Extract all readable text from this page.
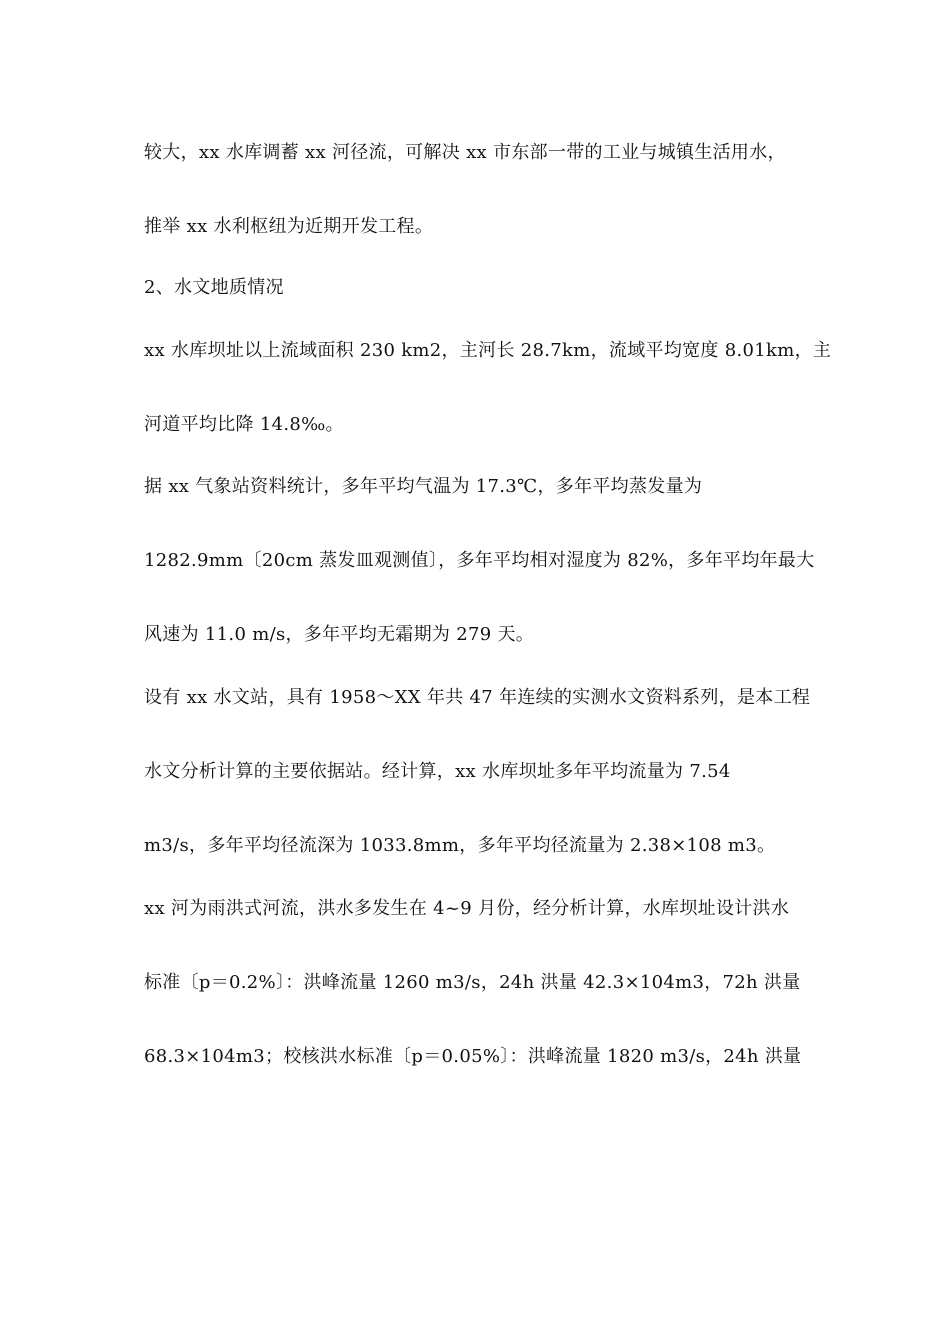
较大，xx 水库调蓄 xx 河径流，可解决 xx 市东部一带的工业与城镇生活用水，
推举 xx 水利枢纽为近期开发工程。
2、水文地质情况
xx 水库坝址以上流域面积 230 km2，主河长 28.7km，流域平均宽度 8.01km，主
河道平均比降 14.8‰。
据 xx 气象站资料统计，多年平均气温为 17.3℃，多年平均蒸发量为
1282.9mm〔20cm 蒸发皿观测值〕，多年平均相对湿度为 82%，多年平均年最大
风速为 11.0 m/s，多年平均无霜期为 279 天。
设有 xx 水文站，具有 1958～XX 年共 47 年连续的实测水文资料系列，是本工程
水文分析计算的主要依据站。经计算，xx 水库坝址多年平均流量为 7.54
m3/s，多年平均径流深为 1033.8mm，多年平均径流量为 2.38×108 m3。
xx 河为雨洪式河流，洪水多发生在 4~9 月份，经分析计算，水库坝址设计洪水
标准〔p＝0.2%〕：洪峰流量 1260 m3/s，24h 洪量 42.3×104m3，72h 洪量
68.3×104m3；校核洪水标准〔p＝0.05%〕：洪峰流量 1820 m3/s，24h 洪量
